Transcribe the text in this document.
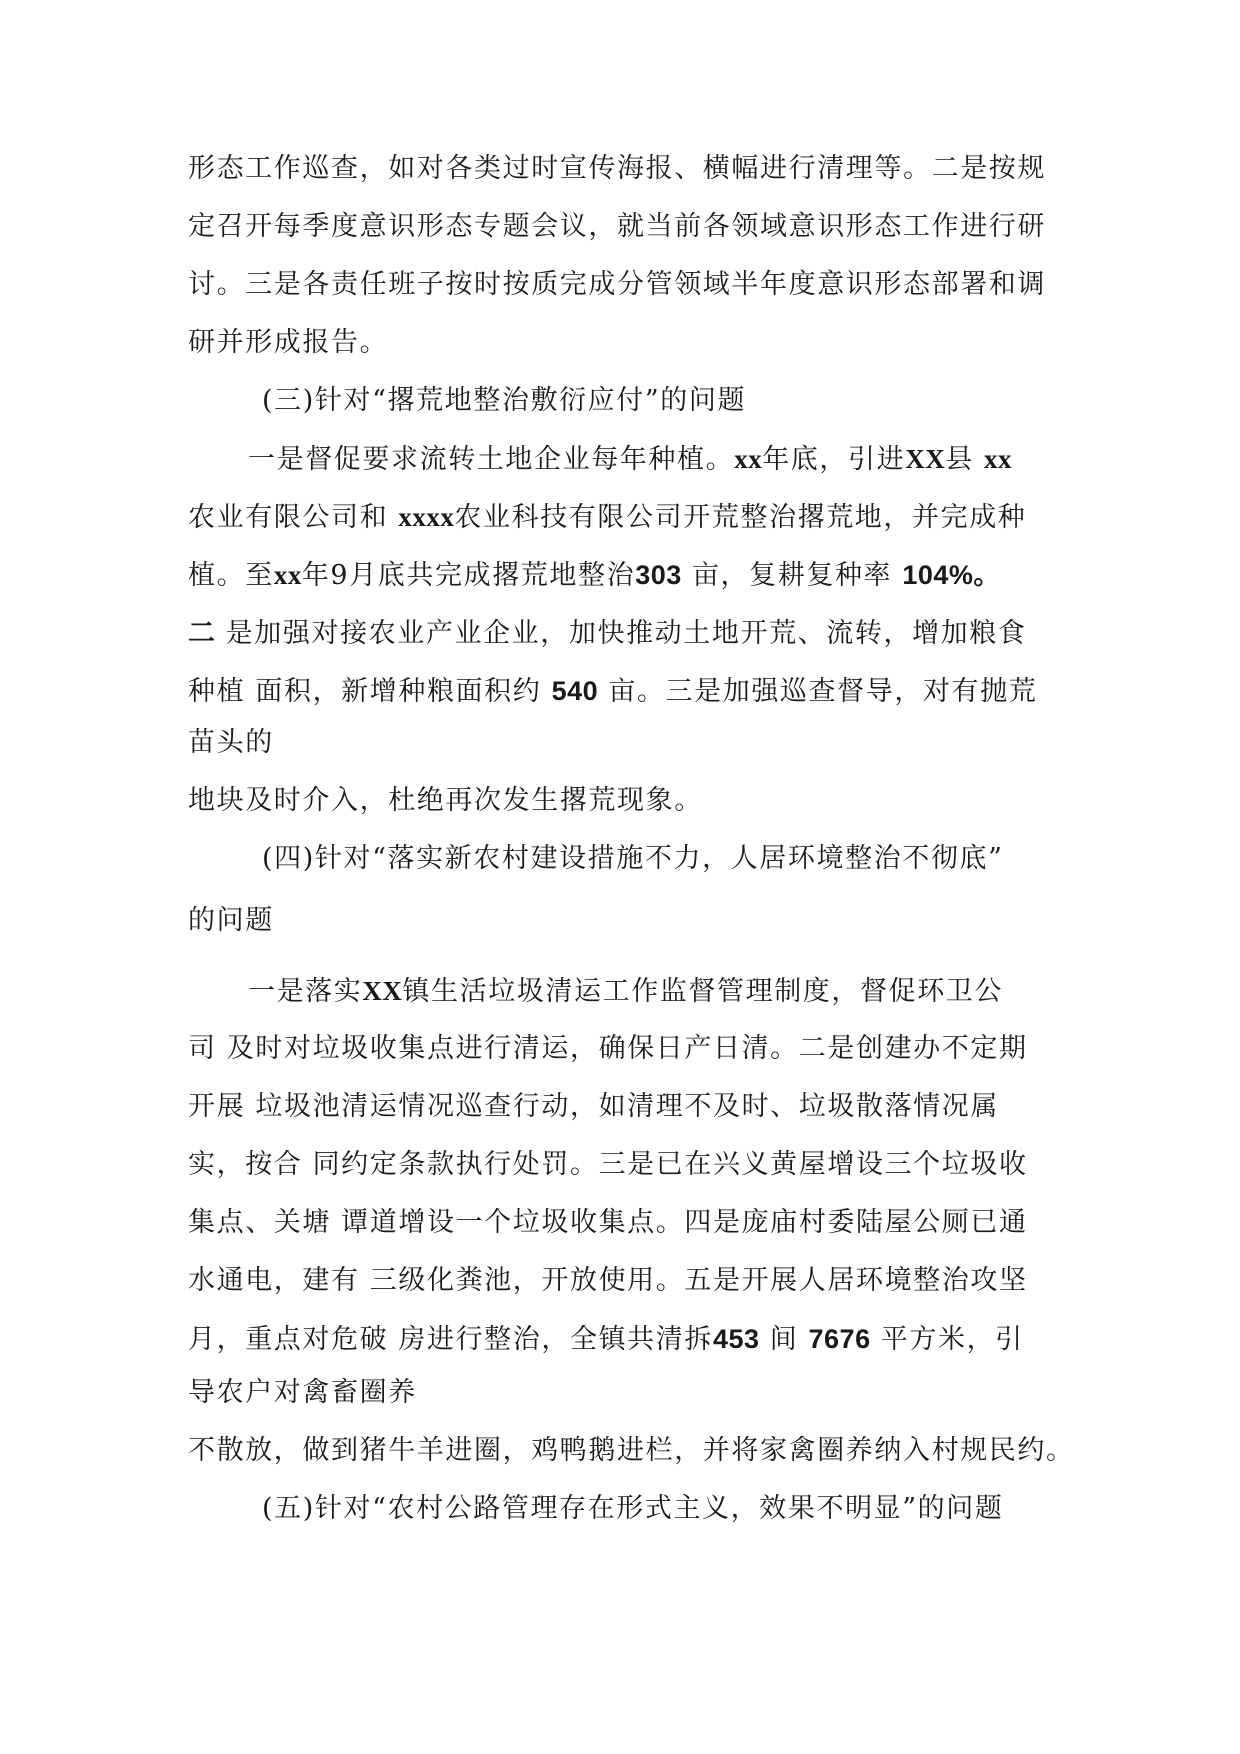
形态工作巡查，如对各类过时宣传海报、横幅进行清理等。二是按规
定召开每季度意识形态专题会议，就当前各领域意识形态工作进行研
讨。三是各责任班子按时按质完成分管领域半年度意识形态部署和调
研并形成报告。
(三)针对“撂荒地整治敷衍应付”的问题
一是督促要求流转土地企业每年种植。xx年底，引进XX县 xx
农业有限公司和 xxxx农业科技有限公司开荒整治撂荒地，并完成种
植。至xx年9月底共完成撂荒地整治303 亩，复耕复种率 104%。
二 是加强对接农业产业企业，加快推动土地开荒、流转，增加粮食
种植 面积，新增种粮面积约 540 亩。三是加强巡查督导，对有抛荒
苗头的
地块及时介入，杜绝再次发生撂荒现象。
(四)针对“落实新农村建设措施不力，人居环境整治不彻底”
的问题
一是落实XX镇生活垃圾清运工作监督管理制度，督促环卫公
司 及时对垃圾收集点进行清运，确保日产日清。二是创建办不定期
开展 垃圾池清运情况巡查行动，如清理不及时、垃圾散落情况属
实，按合 同约定条款执行处罚。三是已在兴义黄屋增设三个垃圾收
集点、关塘 谭道增设一个垃圾收集点。四是庞庙村委陆屋公厕已通
水通电，建有 三级化粪池，开放使用。五是开展人居环境整治攻坚
月，重点对危破 房进行整治，全镇共清拆453 间 7676 平方米，引
导农户对禽畜圈养
不散放，做到猪牛羊进圈，鸡鸭鹅进栏，并将家禽圈养纳入村规民约。
(五)针对“农村公路管理存在形式主义，效果不明显”的问题
